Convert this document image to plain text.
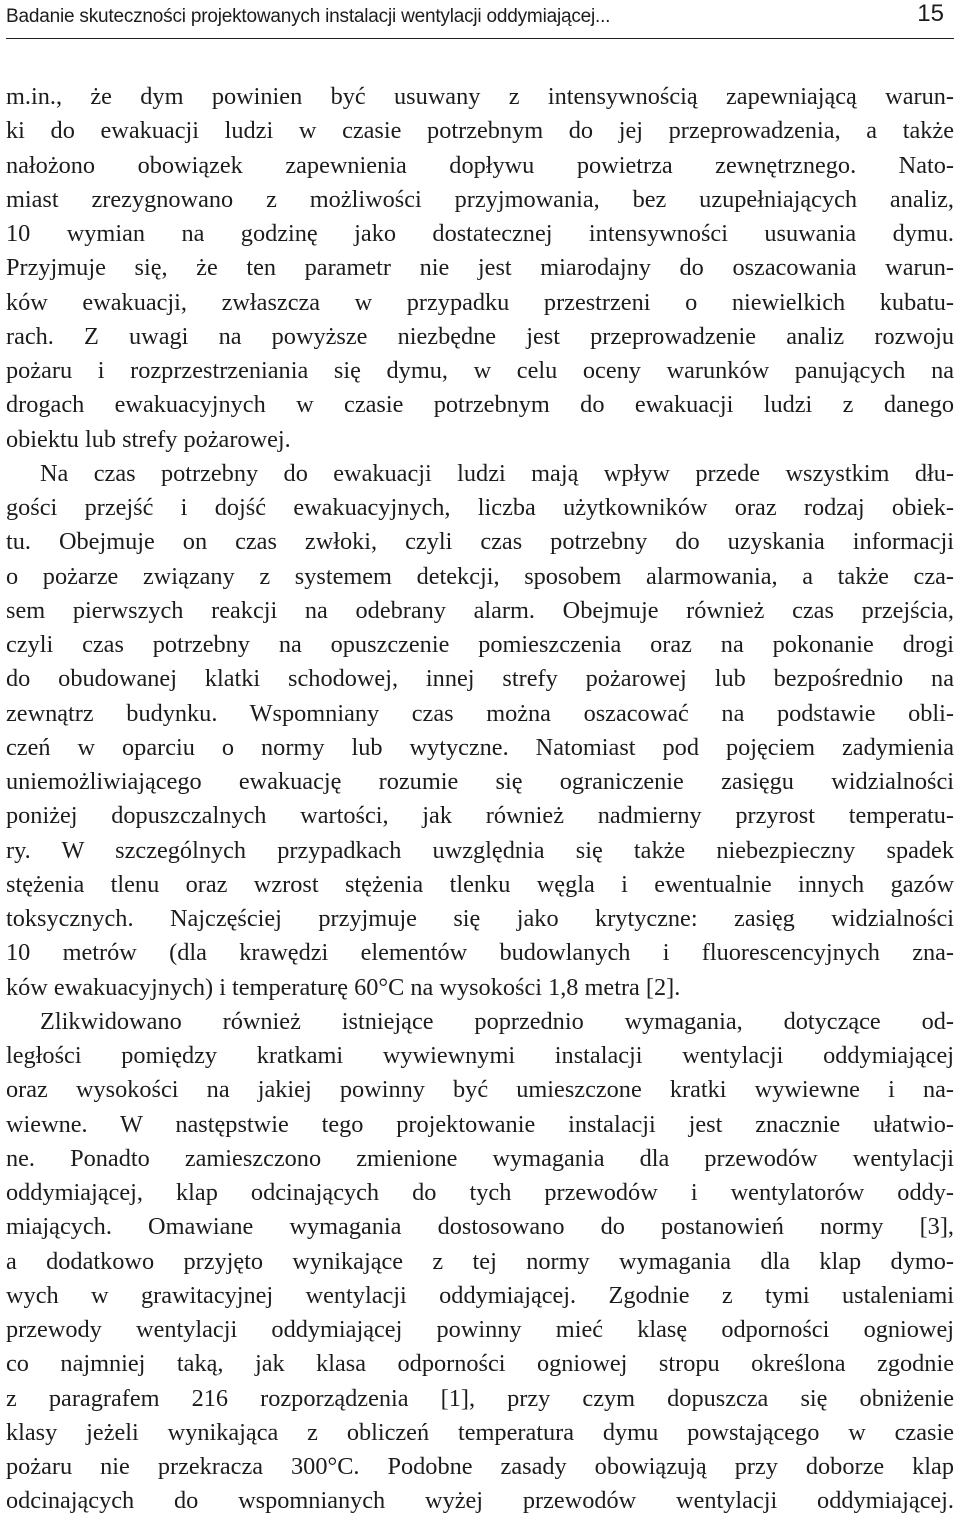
Badanie skuteczności projektowanych instalacji wentylacji oddymiającej...	15
m.in., że dym powinien być usuwany z intensywnością zapewniającą warun-
ki do ewakuacji ludzi w czasie potrzebnym do jej przeprowadzenia, a także
nałożono obowiązek zapewnienia dopływu powietrza zewnętrznego. Nato-
miast zrezygnowano z możliwości przyjmowania, bez uzupełniających analiz,
10 wymian na godzinę jako dostatecznej intensywności usuwania dymu.
Przyjmuje się, że ten parametr nie jest miarodajny do oszacowania warun-
ków ewakuacji, zwłaszcza w przypadku przestrzeni o niewielkich kubatu-
rach. Z uwagi na powyższe niezbędne jest przeprowadzenie analiz rozwoju
pożaru i rozprzestrzeniania się dymu, w celu oceny warunków panujących na
drogach ewakuacyjnych w czasie potrzebnym do ewakuacji ludzi z danego
obiektu lub strefy pożarowej.
Na czas potrzebny do ewakuacji ludzi mają wpływ przede wszystkim dłu-
gości przejść i dojść ewakuacyjnych, liczba użytkowników oraz rodzaj obiek-
tu. Obejmuje on czas zwłoki, czyli czas potrzebny do uzyskania informacji
o pożarze związany z systemem detekcji, sposobem alarmowania, a także cza-
sem pierwszych reakcji na odebrany alarm. Obejmuje również czas przejścia,
czyli czas potrzebny na opuszczenie pomieszczenia oraz na pokonanie drogi
do obudowanej klatki schodowej, innej strefy pożarowej lub bezpośrednio na
zewnątrz budynku. Wspomniany czas można oszacować na podstawie obli-
czeń w oparciu o normy lub wytyczne. Natomiast pod pojęciem zadymienia
uniemożliwiającego ewakuację rozumie się ograniczenie zasięgu widzialności
poniżej dopuszczalnych wartości, jak również nadmierny przyrost temperatu-
ry. W szczególnych przypadkach uwzględnia się także niebezpieczny spadek
stężenia tlenu oraz wzrost stężenia tlenku węgla i ewentualnie innych gazów
toksycznych. Najczęściej przyjmuje się jako krytyczne: zasięg widzialności
10 metrów (dla krawędzi elementów budowlanych i fluorescencyjnych zna-
ków ewakuacyjnych) i temperaturę 60°C na wysokości 1,8 metra [2].
Zlikwidowano również istniejące poprzednio wymagania, dotyczące od-
ległości pomiędzy kratkami wywiewnymi instalacji wentylacji oddymiającej
oraz wysokości na jakiej powinny być umieszczone kratki wywiewne i na-
wiewne. W następstwie tego projektowanie instalacji jest znacznie ułatwio-
ne. Ponadto zamieszczono zmienione wymagania dla przewodów wentylacji
oddymiającej, klap odcinających do tych przewodów i wentylatorów oddy-
miających. Omawiane wymagania dostosowano do postanowień normy [3],
a dodatkowo przyjęto wynikające z tej normy wymagania dla klap dymo-
wych w grawitacyjnej wentylacji oddymiającej. Zgodnie z tymi ustaleniami
przewody wentylacji oddymiającej powinny mieć klasę odporności ogniowej
co najmniej taką, jak klasa odporności ogniowej stropu określona zgodnie
z paragrafem 216 rozporządzenia [1], przy czym dopuszcza się obniżenie
klasy jeżeli wynikająca z obliczeń temperatura dymu powstającego w czasie
pożaru nie przekracza 300°C. Podobne zasady obowiązują przy doborze klap
odcinających do wspomnianych wyżej przewodów wentylacji oddymiającej.
